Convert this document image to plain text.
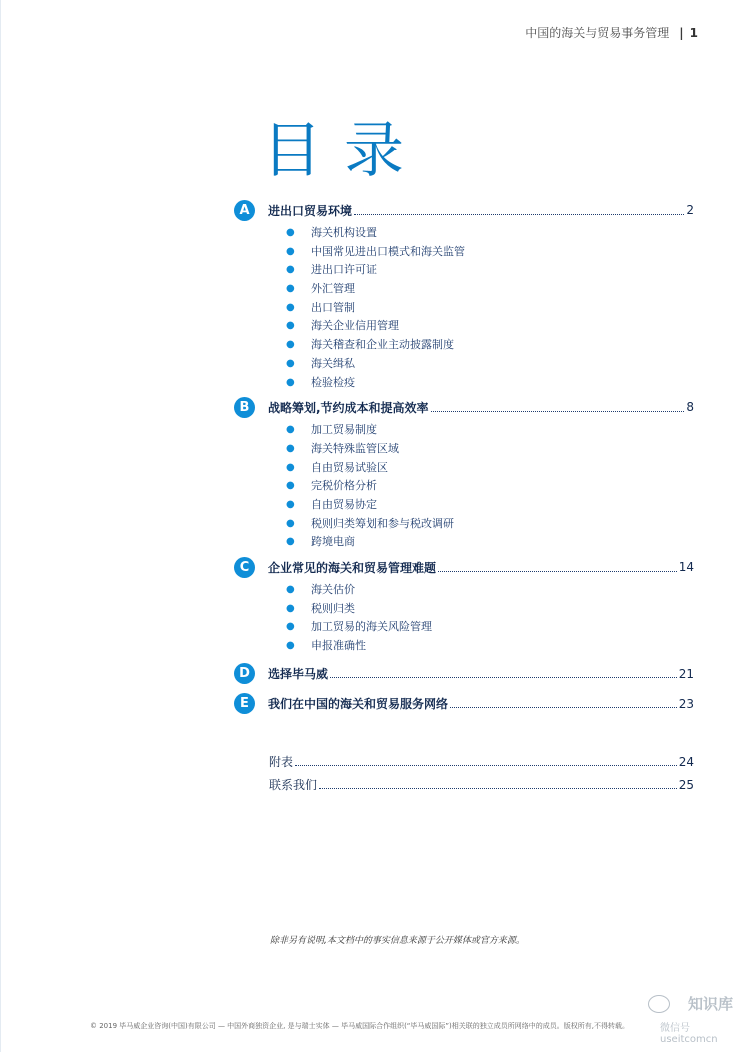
中国的海关与贸易事务管理 | 1
目录
A	进出口贸易环境	2
● 海关机构设置
● 中国常见进出口模式和海关监管
● 进出口许可证
● 外汇管理
● 出口管制
● 海关企业信用管理
● 海关稽查和企业主动披露制度
● 海关缉私
● 检验检疫
B	战略筹划,节约成本和提高效率	8
● 加工贸易制度
● 海关特殊监管区域
● 自由贸易试验区
● 完税价格分析
● 自由贸易协定
● 税则归类筹划和参与税改调研
● 跨境电商
C	企业常见的海关和贸易管理难题	14
● 海关估价
● 税则归类
● 加工贸易的海关风险管理
● 申报准确性
D	选择毕马威	21
E	我们在中国的海关和贸易服务网络	23
附表	24
联系我们	25
除非另有说明,本文档中的事实信息来源于公开媒体或官方来源。
知识库
微信号 useitcomcn
© 2019 毕马威企业咨询(中国)有限公司 — 中国外商独资企业, 是与瑞士实体 — 毕马威国际合作组织(“毕马威国际”)相关联的独立成员所网络中的成员。版权所有,不得转载。
